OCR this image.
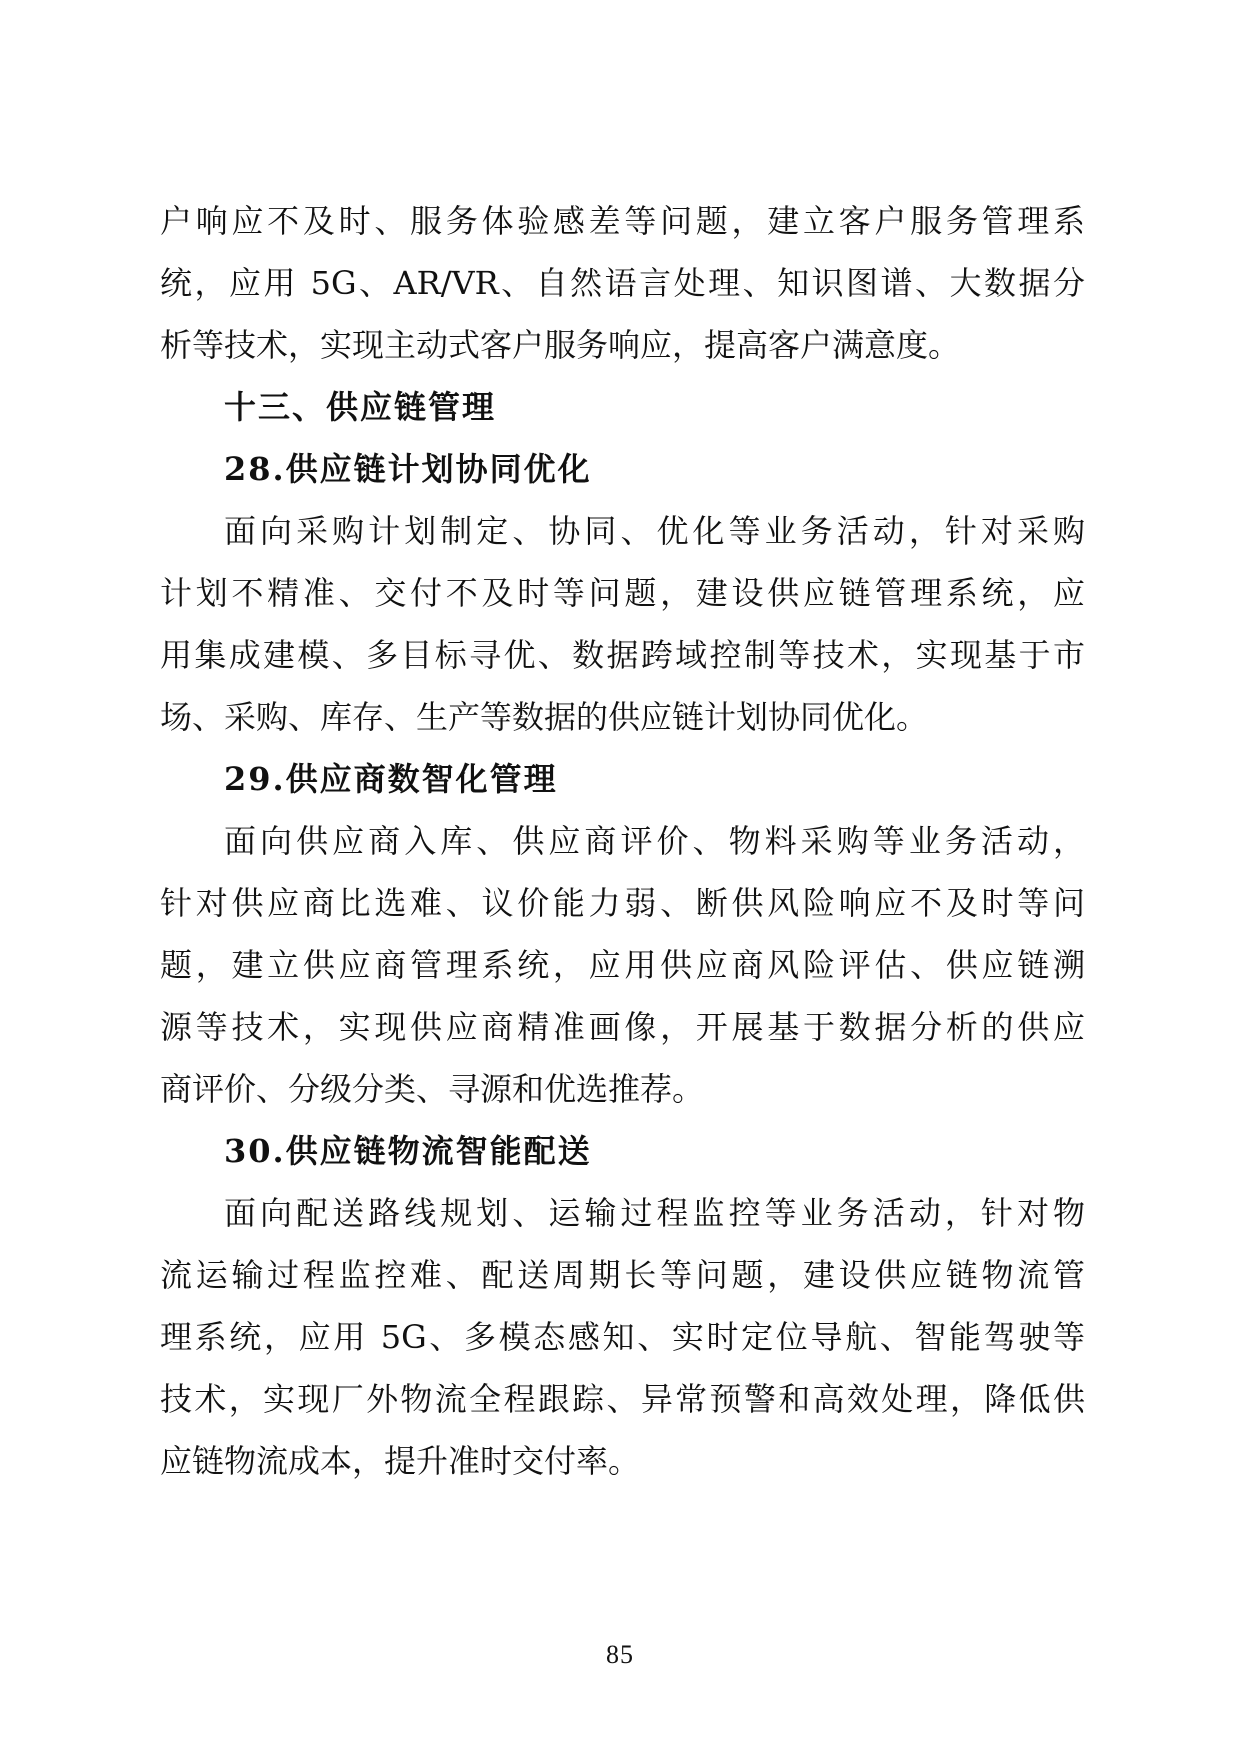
户响应不及时、服务体验感差等问题，建立客户服务管理系
统，应用 5G、AR/VR、自然语言处理、知识图谱、大数据分
析等技术，实现主动式客户服务响应，提高客户满意度。
十三、供应链管理
28.供应链计划协同优化
面向采购计划制定、协同、优化等业务活动，针对采购
计划不精准、交付不及时等问题，建设供应链管理系统，应
用集成建模、多目标寻优、数据跨域控制等技术，实现基于市
场、采购、库存、生产等数据的供应链计划协同优化。
29.供应商数智化管理
面向供应商入库、供应商评价、物料采购等业务活动，
针对供应商比选难、议价能力弱、断供风险响应不及时等问
题，建立供应商管理系统，应用供应商风险评估、供应链溯
源等技术，实现供应商精准画像，开展基于数据分析的供应
商评价、分级分类、寻源和优选推荐。
30.供应链物流智能配送
面向配送路线规划、运输过程监控等业务活动，针对物
流运输过程监控难、配送周期长等问题，建设供应链物流管
理系统，应用 5G、多模态感知、实时定位导航、智能驾驶等
技术，实现厂外物流全程跟踪、异常预警和高效处理，降低供
应链物流成本，提升准时交付率。
85
